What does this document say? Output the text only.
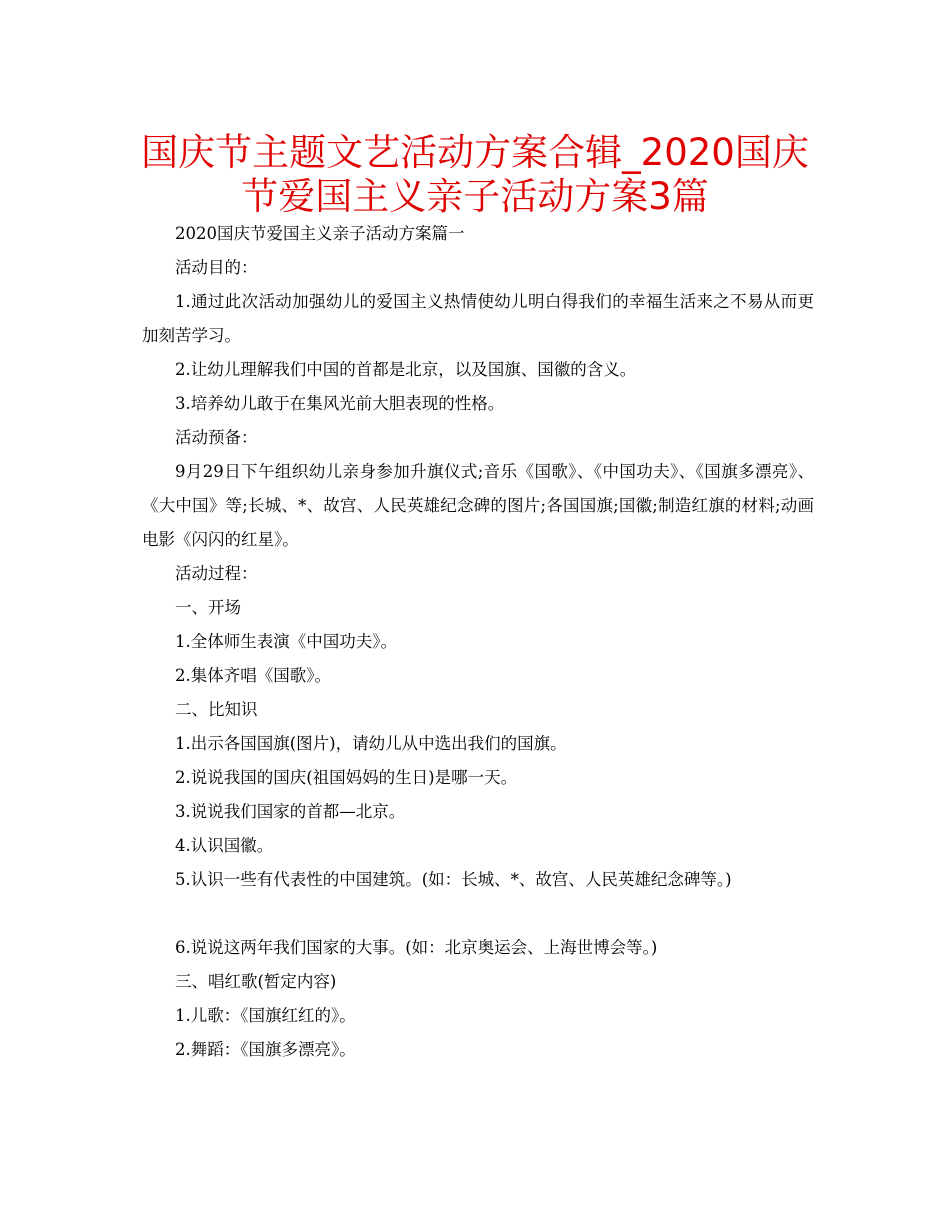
国庆节主题文艺活动方案合辑_2020国庆
节爱国主义亲子活动方案3篇

2020国庆节爱国主义亲子活动方案篇一

活动目的：

1.通过此次活动加强幼儿的爱国主义热情使幼儿明白得我们的幸福生活来之不易从而更加刻苦学习。

2.让幼儿理解我们中国的首都是北京，以及国旗、国徽的含义。

3.培养幼儿敢于在集风光前大胆表现的性格。

活动预备：

9月29日下午组织幼儿亲身参加升旗仪式;音乐《国歌》、《中国功夫》、《国旗多漂亮》、《大中国》等;长城、*、故宫、人民英雄纪念碑的图片;各国国旗;国徽;制造红旗的材料;动画电影《闪闪的红星》。

活动过程：

一、开场

1.全体师生表演《中国功夫》。

2.集体齐唱《国歌》。

二、比知识

1.出示各国国旗(图片)，请幼儿从中选出我们的国旗。

2.说说我国的国庆(祖国妈妈的生日)是哪一天。

3.说说我们国家的首都—北京。

4.认识国徽。

5.认识一些有代表性的中国建筑。(如：长城、*、故宫、人民英雄纪念碑等。)

6.说说这两年我们国家的大事。(如：北京奥运会、上海世博会等。)

三、唱红歌(暂定内容)

1.儿歌：《国旗红红的》。

2.舞蹈：《国旗多漂亮》。
